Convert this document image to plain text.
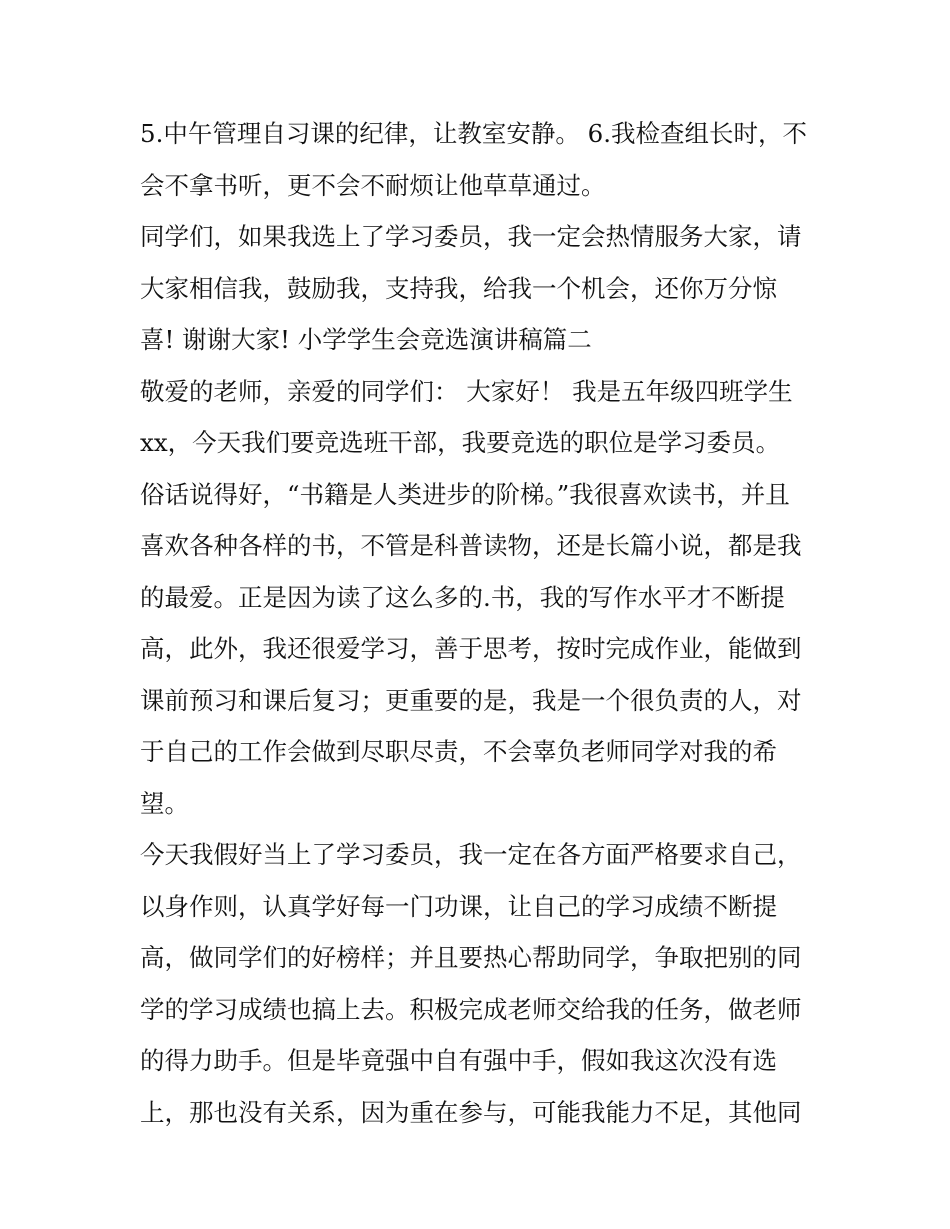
5.中午管理自习课的纪律，让教室安静。 6.我检查组长时，不
会不拿书听，更不会不耐烦让他草草通过。
同学们，如果我选上了学习委员，我一定会热情服务大家，请
大家相信我，鼓励我，支持我，给我一个机会，还你万分惊
喜! 谢谢大家! 小学学生会竞选演讲稿篇二
敬爱的老师，亲爱的同学们： 大家好！ 我是五年级四班学生
xx，今天我们要竞选班干部，我要竞选的职位是学习委员。
俗话说得好，“书籍是人类进步的阶梯。”我很喜欢读书，并且
喜欢各种各样的书，不管是科普读物，还是长篇小说，都是我
的最爱。正是因为读了这么多的.书，我的写作水平才不断提
高，此外，我还很爱学习，善于思考，按时完成作业，能做到
课前预习和课后复习；更重要的是，我是一个很负责的人，对
于自己的工作会做到尽职尽责，不会辜负老师同学对我的希
望。
今天我假好当上了学习委员，我一定在各方面严格要求自己，
以身作则，认真学好每一门功课，让自己的学习成绩不断提
高，做同学们的好榜样；并且要热心帮助同学，争取把别的同
学的学习成绩也搞上去。积极完成老师交给我的任务，做老师
的得力助手。但是毕竟强中自有强中手，假如我这次没有选
上，那也没有关系，因为重在参与，可能我能力不足，其他同
